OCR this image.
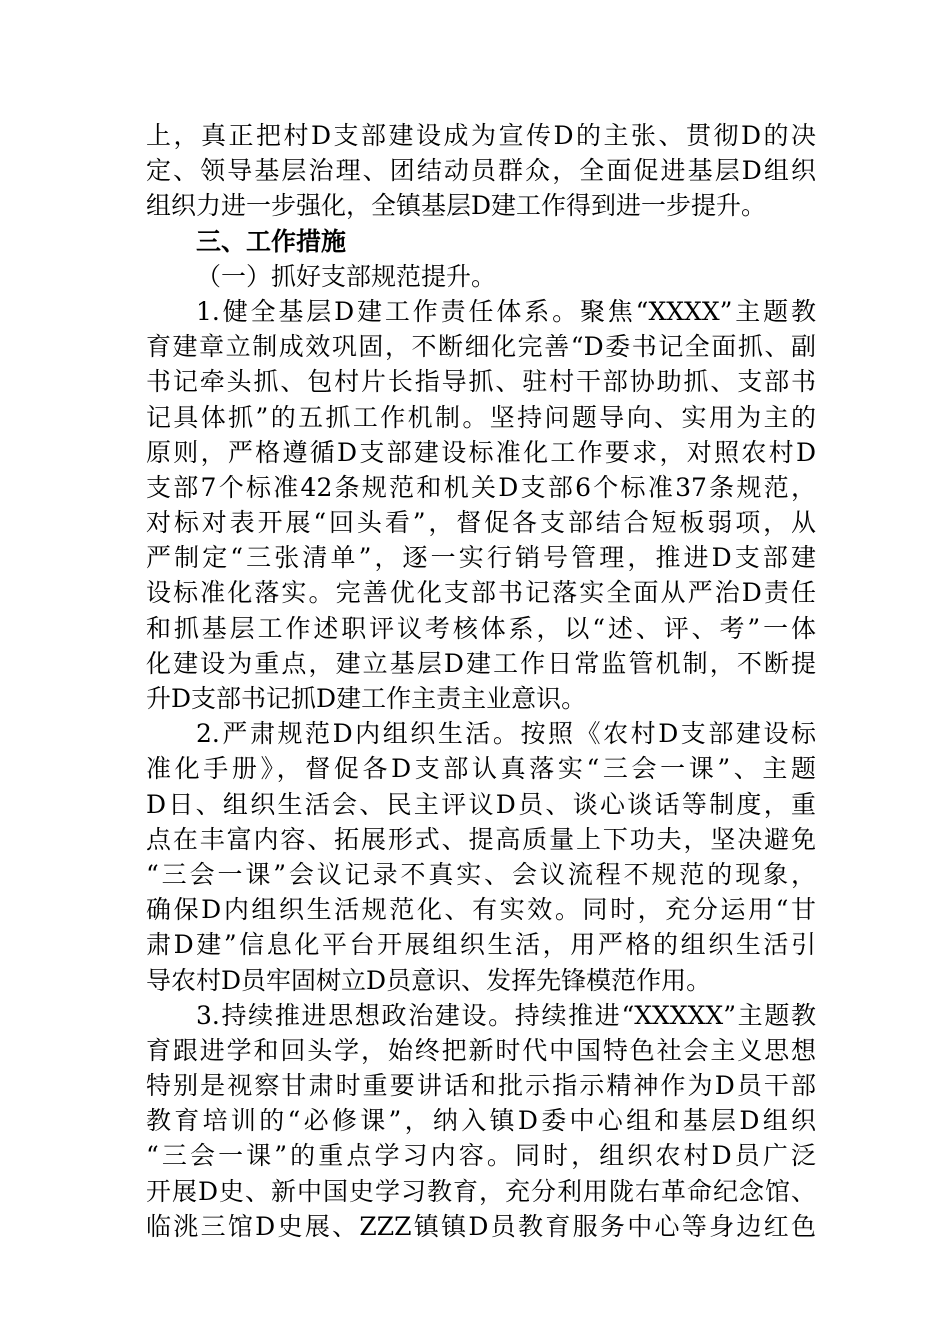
上，真正把村D支部建设成为宣传D的主张、贯彻D的决
定、领导基层治理、团结动员群众，全面促进基层D组织
组织力进一步强化，全镇基层D建工作得到进一步提升。
三、工作措施
（一）抓好支部规范提升。
1.健全基层D建工作责任体系。聚焦“XXXX”主题教
育建章立制成效巩固，不断细化完善“D委书记全面抓、副
书记牵头抓、包村片长指导抓、驻村干部协助抓、支部书
记具体抓”的五抓工作机制。坚持问题导向、实用为主的
原则，严格遵循D支部建设标准化工作要求，对照农村D
支部7个标准42条规范和机关D支部6个标准37条规范，
对标对表开展“回头看”，督促各支部结合短板弱项，从
严制定“三张清单”，逐一实行销号管理，推进D支部建
设标准化落实。完善优化支部书记落实全面从严治D责任
和抓基层工作述职评议考核体系，以“述、评、考”一体
化建设为重点，建立基层D建工作日常监管机制，不断提
升D支部书记抓D建工作主责主业意识。
2.严肃规范D内组织生活。按照《农村D支部建设标
准化手册》，督促各D支部认真落实“三会一课”、主题
D日、组织生活会、民主评议D员、谈心谈话等制度，重
点在丰富内容、拓展形式、提高质量上下功夫，坚决避免
“三会一课”会议记录不真实、会议流程不规范的现象，
确保D内组织生活规范化、有实效。同时，充分运用“甘
肃D建”信息化平台开展组织生活，用严格的组织生活引
导农村D员牢固树立D员意识、发挥先锋模范作用。
3.持续推进思想政治建设。持续推进“XXXXX”主题教
育跟进学和回头学，始终把新时代中国特色社会主义思想
特别是视察甘肃时重要讲话和批示指示精神作为D员干部
教育培训的“必修课”，纳入镇D委中心组和基层D组织
“三会一课”的重点学习内容。同时，组织农村D员广泛
开展D史、新中国史学习教育，充分利用陇右革命纪念馆、
临洮三馆D史展、ZZZ镇镇D员教育服务中心等身边红色
